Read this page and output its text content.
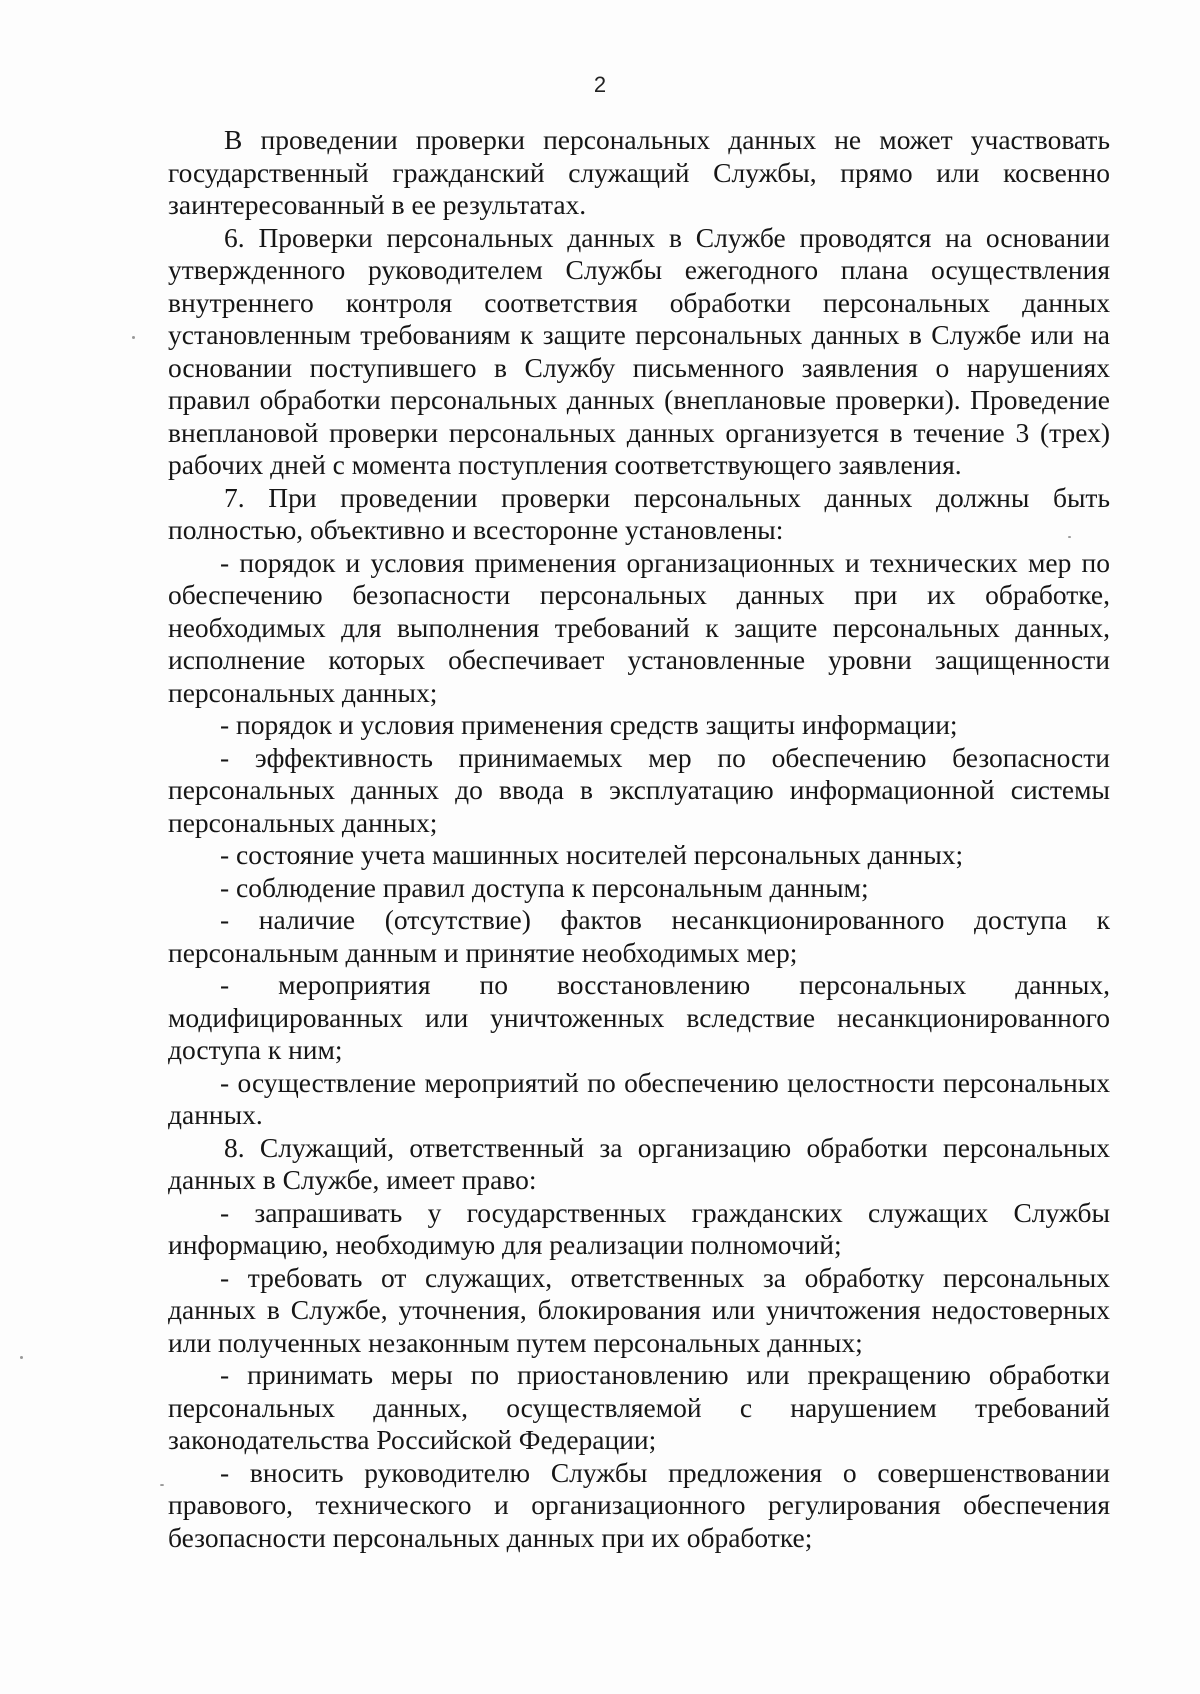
2

В проведении проверки персональных данных не может участвовать государственный гражданский служащий Службы, прямо или косвенно заинтересованный в ее результатах.

6. Проверки персональных данных в Службе проводятся на основании утвержденного руководителем Службы ежегодного плана осуществления внутреннего контроля соответствия обработки персональных данных установленным требованиям к защите персональных данных в Службе или на основании поступившего в Службу письменного заявления о нарушениях правил обработки персональных данных (внеплановые проверки). Проведение внеплановой проверки персональных данных организуется в течение 3 (трех) рабочих дней с момента поступления соответствующего заявления.

7. При проведении проверки персональных данных должны быть полностью, объективно и всесторонне установлены:

- порядок и условия применения организационных и технических мер по обеспечению безопасности персональных данных при их обработке, необходимых для выполнения требований к защите персональных данных, исполнение которых обеспечивает установленные уровни защищенности персональных данных;

- порядок и условия применения средств защиты информации;

- эффективность принимаемых мер по обеспечению безопасности персональных данных до ввода в эксплуатацию информационной системы персональных данных;

- состояние учета машинных носителей персональных данных;

- соблюдение правил доступа к персональным данным;

- наличие (отсутствие) фактов несанкционированного доступа к персональным данным и принятие необходимых мер;

- мероприятия по восстановлению персональных данных, модифицированных или уничтоженных вследствие несанкционированного доступа к ним;

- осуществление мероприятий по обеспечению целостности персональных данных.

8. Служащий, ответственный за организацию обработки персональных данных в Службе, имеет право:

- запрашивать у государственных гражданских служащих Службы информацию, необходимую для реализации полномочий;

- требовать от служащих, ответственных за обработку персональных данных в Службе, уточнения, блокирования или уничтожения недостоверных или полученных незаконным путем персональных данных;

- принимать меры по приостановлению или прекращению обработки персональных данных, осуществляемой с нарушением требований законодательства Российской Федерации;

- вносить руководителю Службы предложения о совершенствовании правового, технического и организационного регулирования обеспечения безопасности персональных данных при их обработке;
